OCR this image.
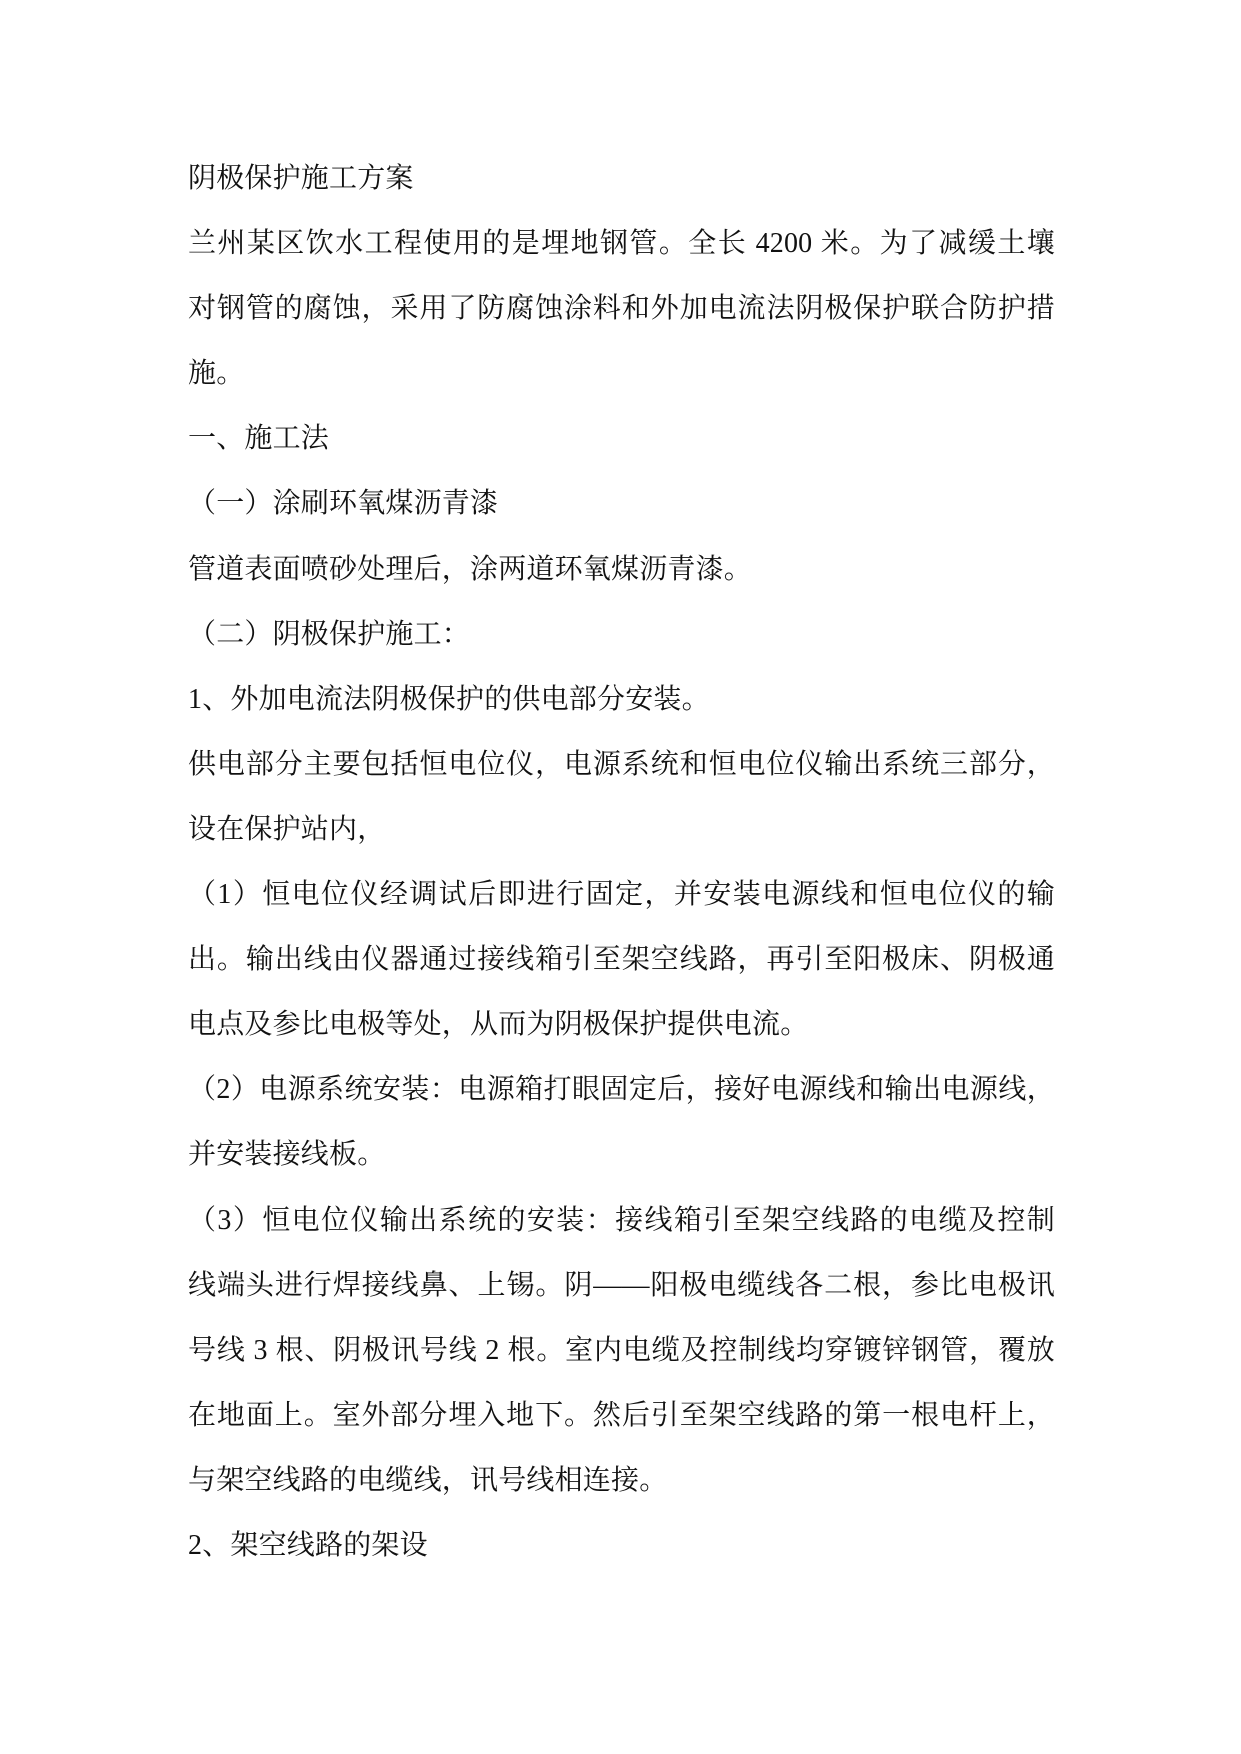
阴极保护施工方案
兰州某区饮水工程使用的是埋地钢管。全长 4200 米。为了减缓土壤
对钢管的腐蚀，采用了防腐蚀涂料和外加电流法阴极保护联合防护措
施。
一、施工法
（一）涂刷环氧煤沥青漆
管道表面喷砂处理后，涂两道环氧煤沥青漆。
（二）阴极保护施工：
1、外加电流法阴极保护的供电部分安装。
供电部分主要包括恒电位仪，电源系统和恒电位仪输出系统三部分，
设在保护站内，
（1）恒电位仪经调试后即进行固定，并安装电源线和恒电位仪的输
出。输出线由仪器通过接线箱引至架空线路，再引至阳极床、阴极通
电点及参比电极等处，从而为阴极保护提供电流。
（2）电源系统安装：电源箱打眼固定后，接好电源线和输出电源线，
并安装接线板。
（3）恒电位仪输出系统的安装：接线箱引至架空线路的电缆及控制
线端头进行焊接线鼻、上锡。阴——阳极电缆线各二根，参比电极讯
号线 3 根、阴极讯号线 2 根。室内电缆及控制线均穿镀锌钢管，覆放
在地面上。室外部分埋入地下。然后引至架空线路的第一根电杆上，
与架空线路的电缆线，讯号线相连接。
2、架空线路的架设
